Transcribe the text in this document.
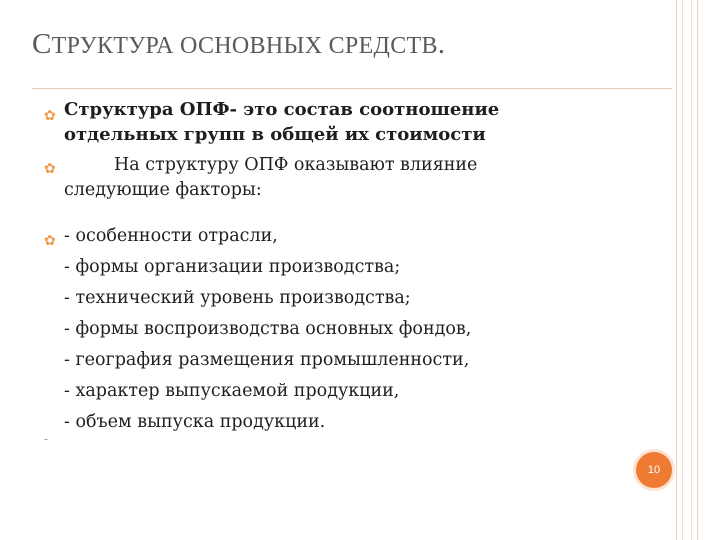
СТРУКТУРА ОСНОВНЫХ СРЕДСТВ.
✿ Структура ОПФ- это состав соотношение
отдельных групп в общей их стоимости
✿	На структуру ОПФ оказывают влияние
следующие факторы:
✿ - особенности отрасли,
- формы организации производства;
- технический уровень производства;
- формы воспроизводства основных фондов,
- география размещения промышленности,
- характер выпускаемой продукции,
- объем выпуска продукции.
-
10
